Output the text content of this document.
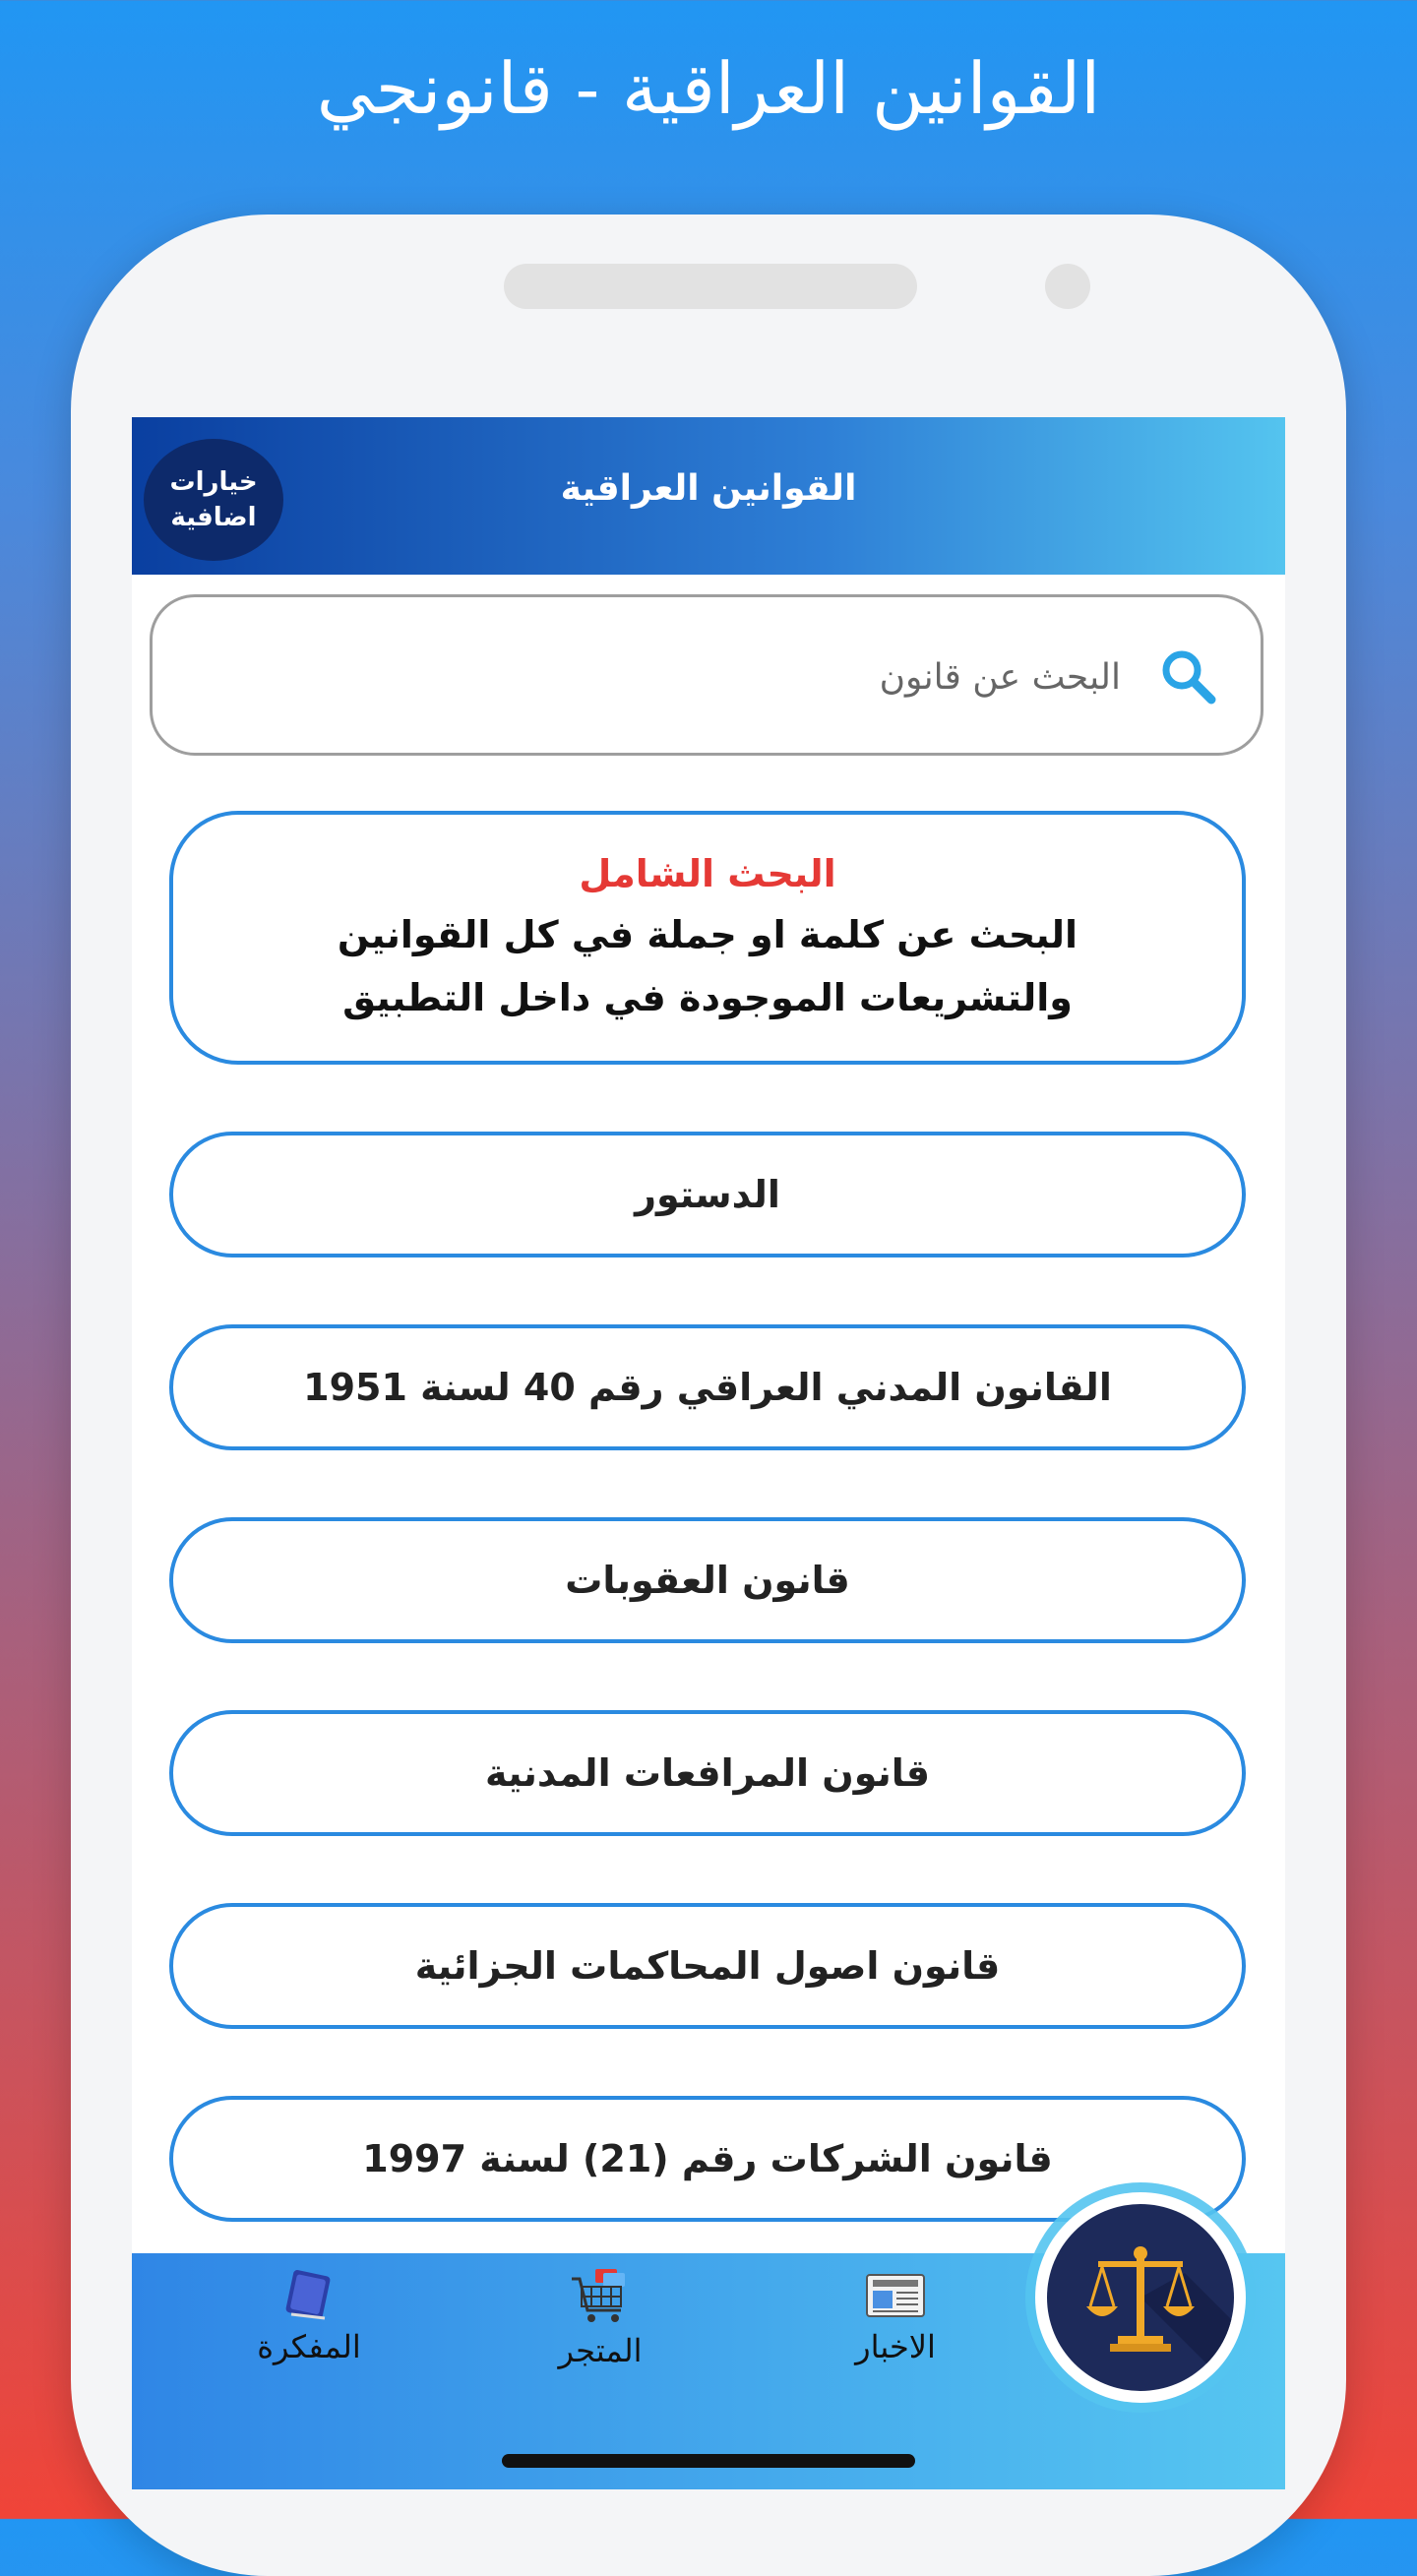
القوانين العراقية - قانونجي
القوانين العراقية
خيارات
اضافية
البحث عن قانون
البحث الشامل
البحث عن كلمة او جملة في كل القوانين
والتشريعات الموجودة في داخل التطبيق
الدستور
القانون المدني العراقي رقم 40 لسنة 1951
قانون العقوبات
قانون المرافعات المدنية
قانون اصول المحاكمات الجزائية
قانون الشركات رقم (21) لسنة 1997
المفكرة	المتجر	الاخبار
